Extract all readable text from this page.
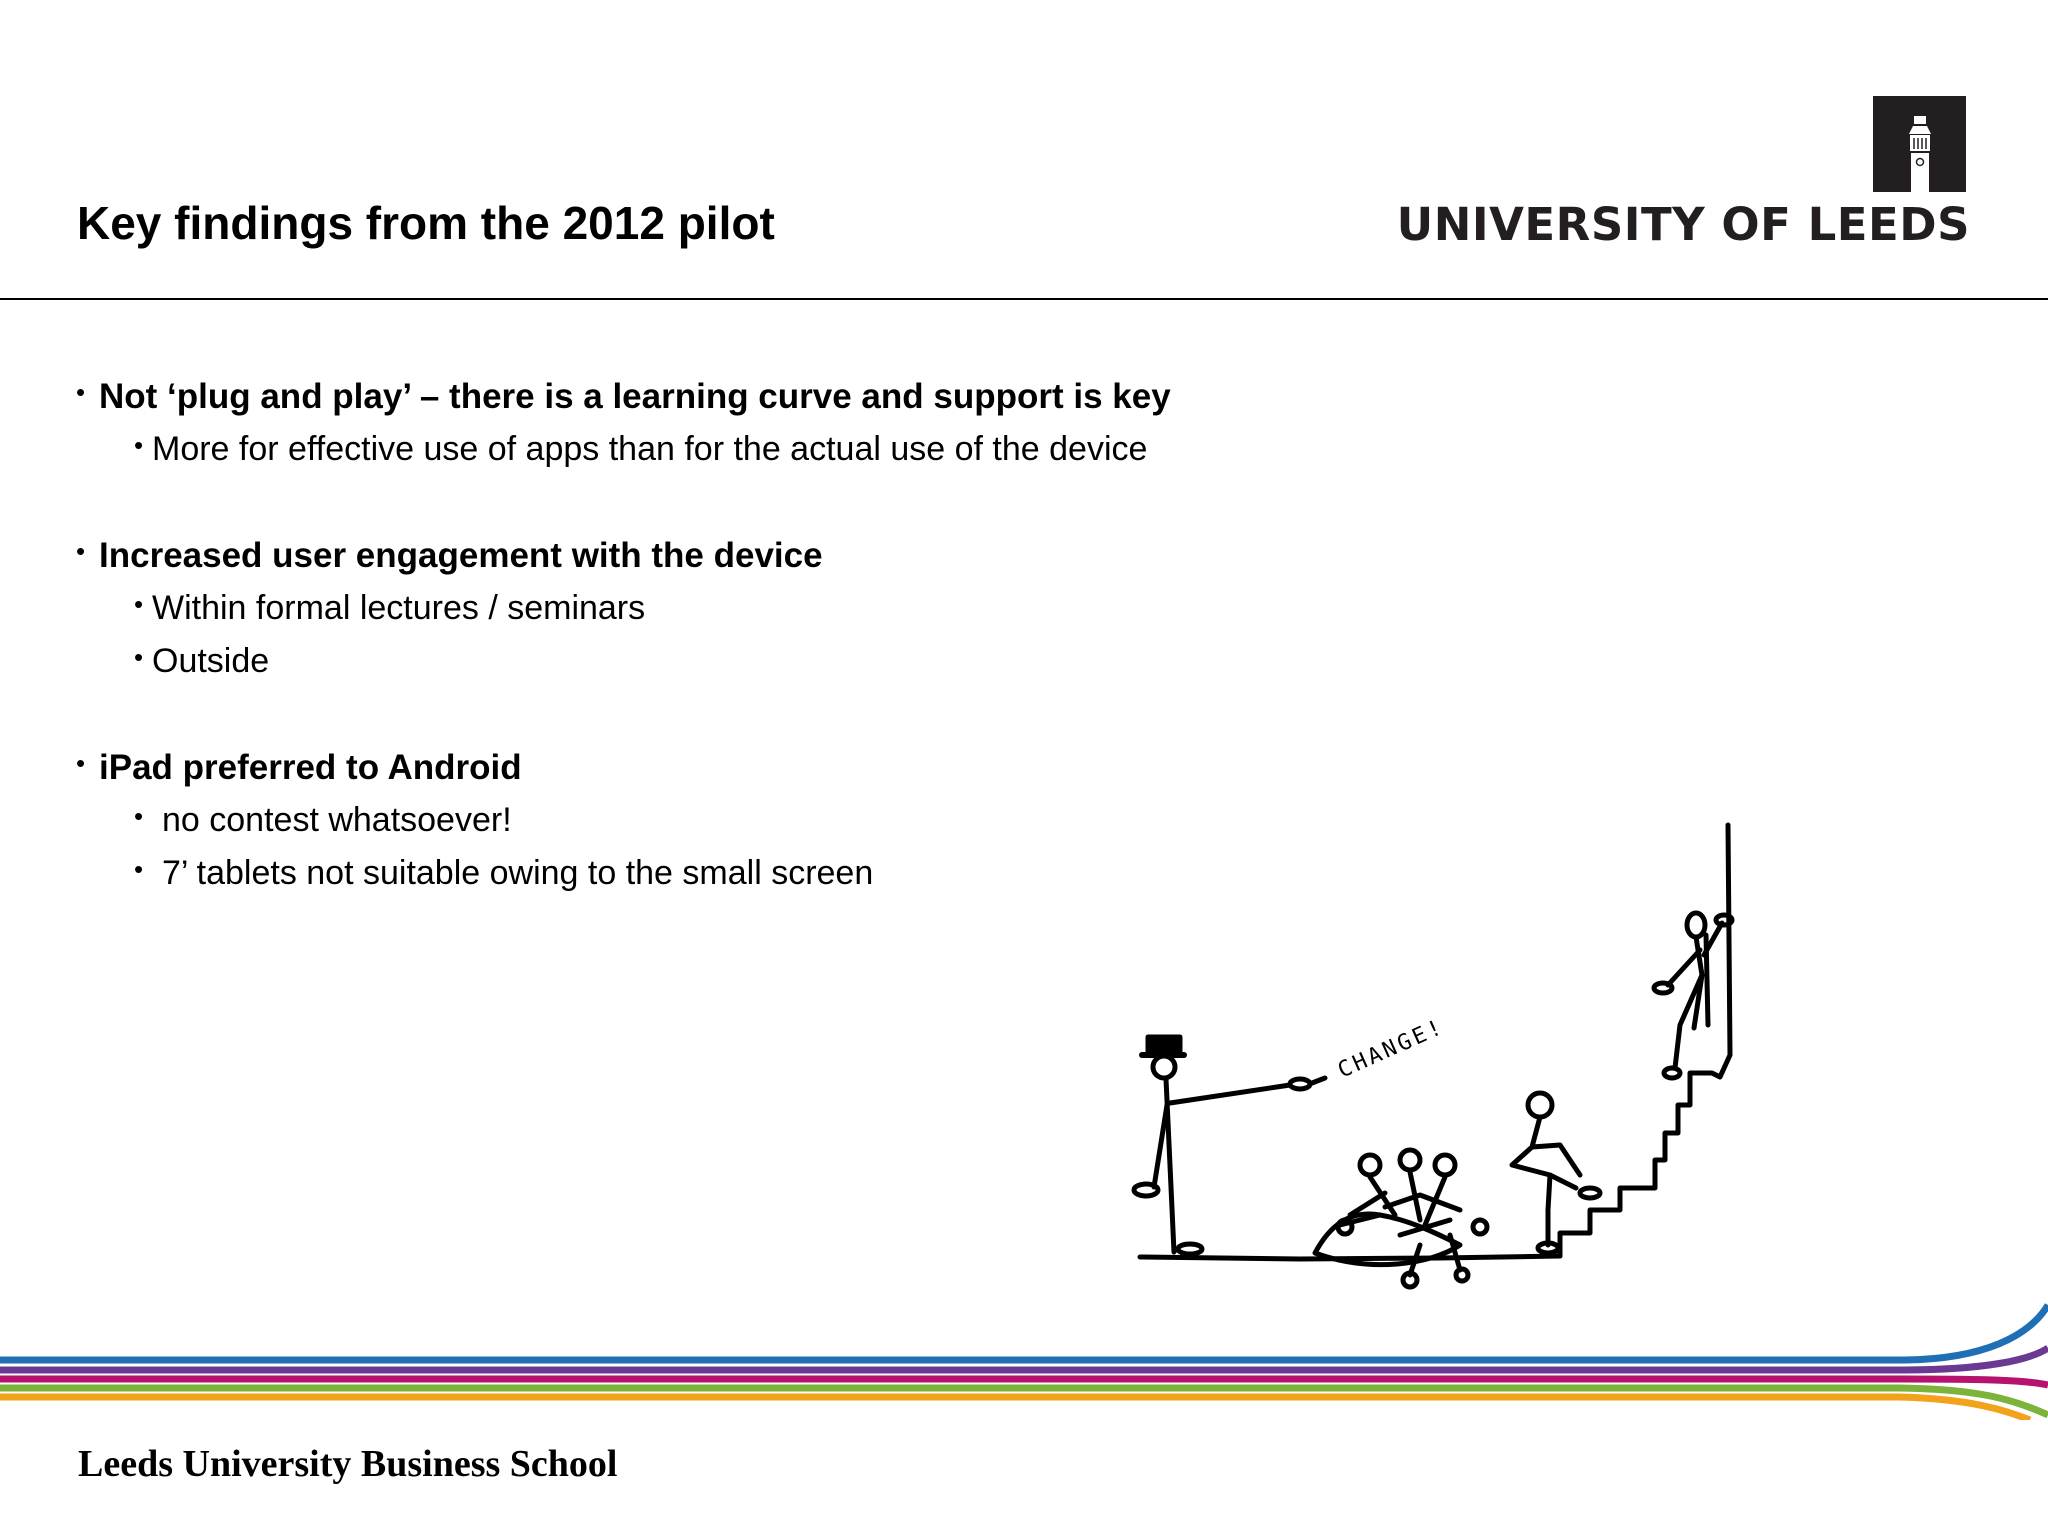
Key findings from the 2012 pilot	UNIVERSITY OF LEEDS

• Not ‘plug and play’ – there is a learning curve and support is key

• More for effective use of apps than for the actual use of the device

• Increased user engagement with the device

• Within formal lectures / seminars

• Outside

• iPad preferred to Android

• no contest whatsoever!

• 7’ tablets not suitable owing to the small screen

CHANGE!

Leeds University Business School
